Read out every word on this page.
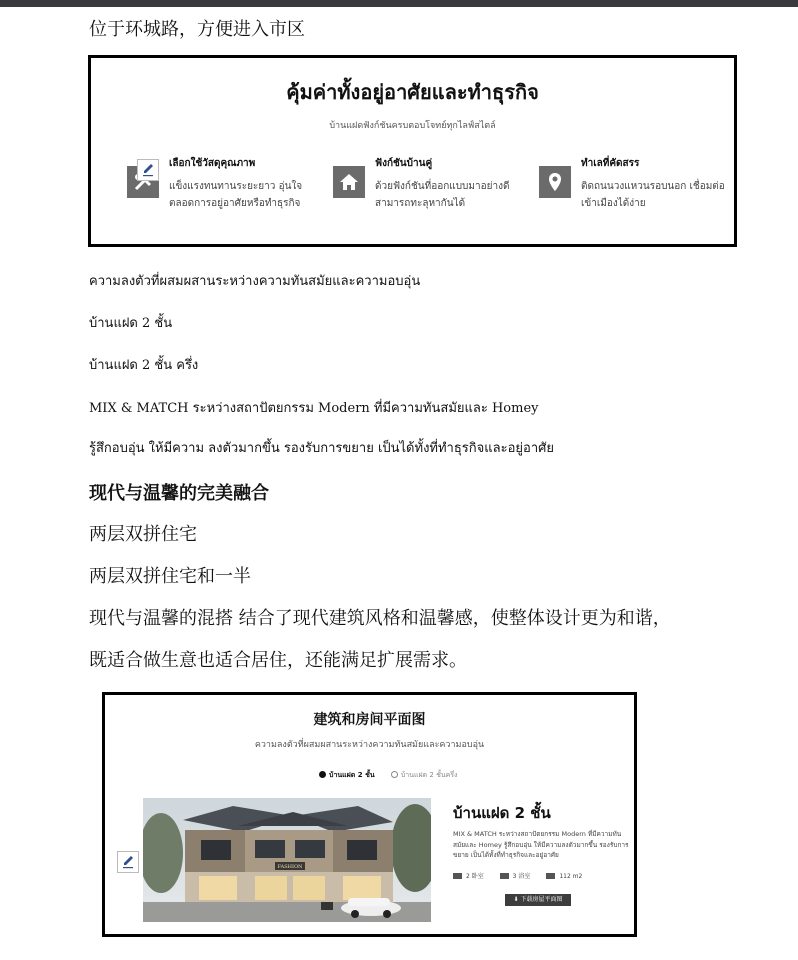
位于环城路，方便进入市区
คุ้มค่าทั้งอยู่อาศัยและทำธุรกิจ
บ้านแฝดฟังก์ชันครบตอบโจทย์ทุกไลฟ์สไตล์
เลือกใช้วัสดุคุณภาพ
แข็งแรงทนทานระยะยาว อุ่นใจ
ตลอดการอยู่อาศัยหรือทำธุรกิจ
ฟังก์ชันบ้านคู่
ด้วยฟังก์ชันที่ออกแบบมาอย่างดี
สามารถทะลุหากันได้
ทำเลที่คัดสรร
ติดถนนวงแหวนรอบนอก เชื่อมต่อ
เข้าเมืองได้ง่าย
ความลงตัวที่ผสมผสานระหว่างความทันสมัยและความอบอุ่น
บ้านแฝด 2 ชั้น
บ้านแฝด 2 ชั้น ครึ่ง
MIX & MATCH ระหว่างสถาปัตยกรรม Modern ที่มีความทันสมัยและ Homey
รู้สึกอบอุ่น ให้มีความ ลงตัวมากขึ้น รองรับการขยาย เป็นได้ทั้งที่ทำธุรกิจและอยู่อาศัย
现代与温馨的完美融合
两层双拼住宅
两层双拼住宅和一半
现代与温馨的混搭 结合了现代建筑风格和温馨感，使整体设计更为和谐，
既适合做生意也适合居住，还能满足扩展需求。
建筑和房间平面图
ความลงตัวที่ผสมผสานระหว่างความทันสมัยและความอบอุ่น
บ้านแฝด 2 ชั้น	บ้านแฝด 2 ชั้นครึ่ง
FASHION
บ้านแฝด 2 ชั้น
MIX & MATCH ระหว่างสถาปัตยกรรม Modern ที่มีความทันสมัยและ Homey รู้สึกอบอุ่น ให้มีความลงตัวมากขึ้น รองรับการขยาย เป็นได้ทั้งที่ทำธุรกิจและอยู่อาศัย
2 卧室	3 浴室	112 m2
⬇ 下载房屋平面图
